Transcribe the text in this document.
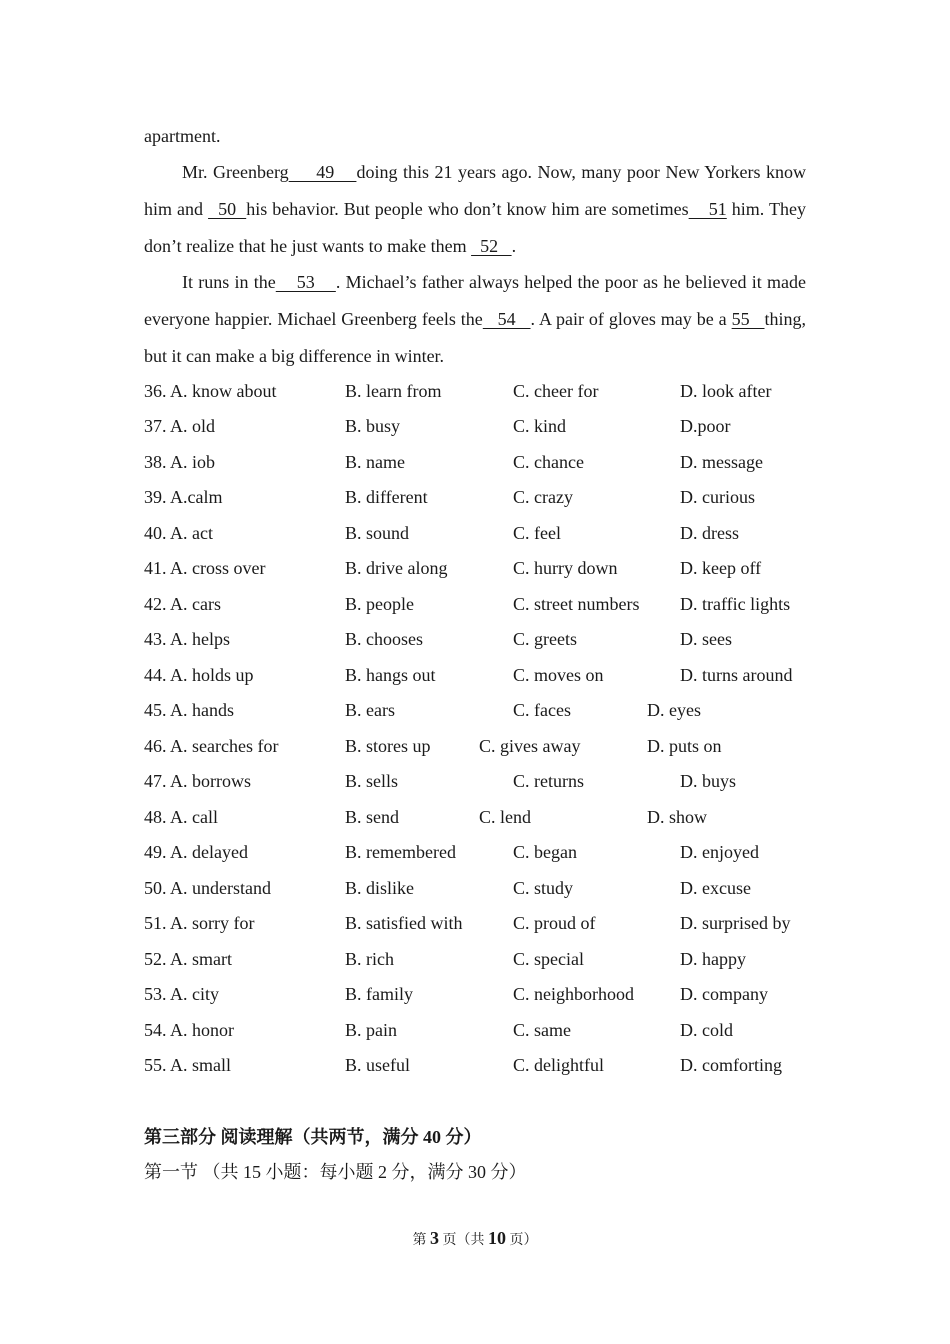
apartment.
Mr. Greenberg     49    doing this 21 years ago. Now, many poor New Yorkers know him and   50  his behavior. But people who don’t know him are sometimes    51 him. They don’t realize that he just wants to make them   52   .
It runs in the    53    . Michael’s father always helped the poor as he believed it made everyone happier. Michael Greenberg feels the   54   . A pair of gloves may be a 55   thing, but it can make a big difference in winter.
36. A. know about	B. learn from	C. cheer for	D. look after
37. A. old	B. busy	C. kind	D.poor
38. A. iob	B. name	C. chance	D. message
39. A.calm	B. different	C. crazy	D. curious
40. A. act	B. sound	C. feel	D. dress
41. A. cross over	B. drive along	C. hurry down	D. keep off
42. A. cars	B. people	C. street numbers D. traffic lights
43. A. helps	B. chooses	C. greets	D. sees
44. A. holds up	B. hangs out	C. moves on	D. turns around
45. A. hands	B. ears	C. faces	D. eyes
46. A. searches for	B. stores up	C. gives away	D. puts on
47. A. borrows	B. sells	C. returns	D. buys
48. A. call	B. send	C. lend	D. show
49. A. delayed	B. remembered	C. began	D. enjoyed
50. A. understand	B. dislike	C. study	D. excuse
51. A. sorry for	B. satisfied with	C. proud of	D. surprised by
52. A. smart	B. rich	C. special	D. happy
53. A. city	B. family	C. neighborhood	D. company
54. A. honor	B. pain	C. same	D. cold
55. A. small	B. useful	C. delightful	D. comforting
第三部分 阅读理解（共两节，满分 40 分）
第一节 （共 15 小题：每小题 2 分，满分 30 分）
第 3 页（共 10 页）
